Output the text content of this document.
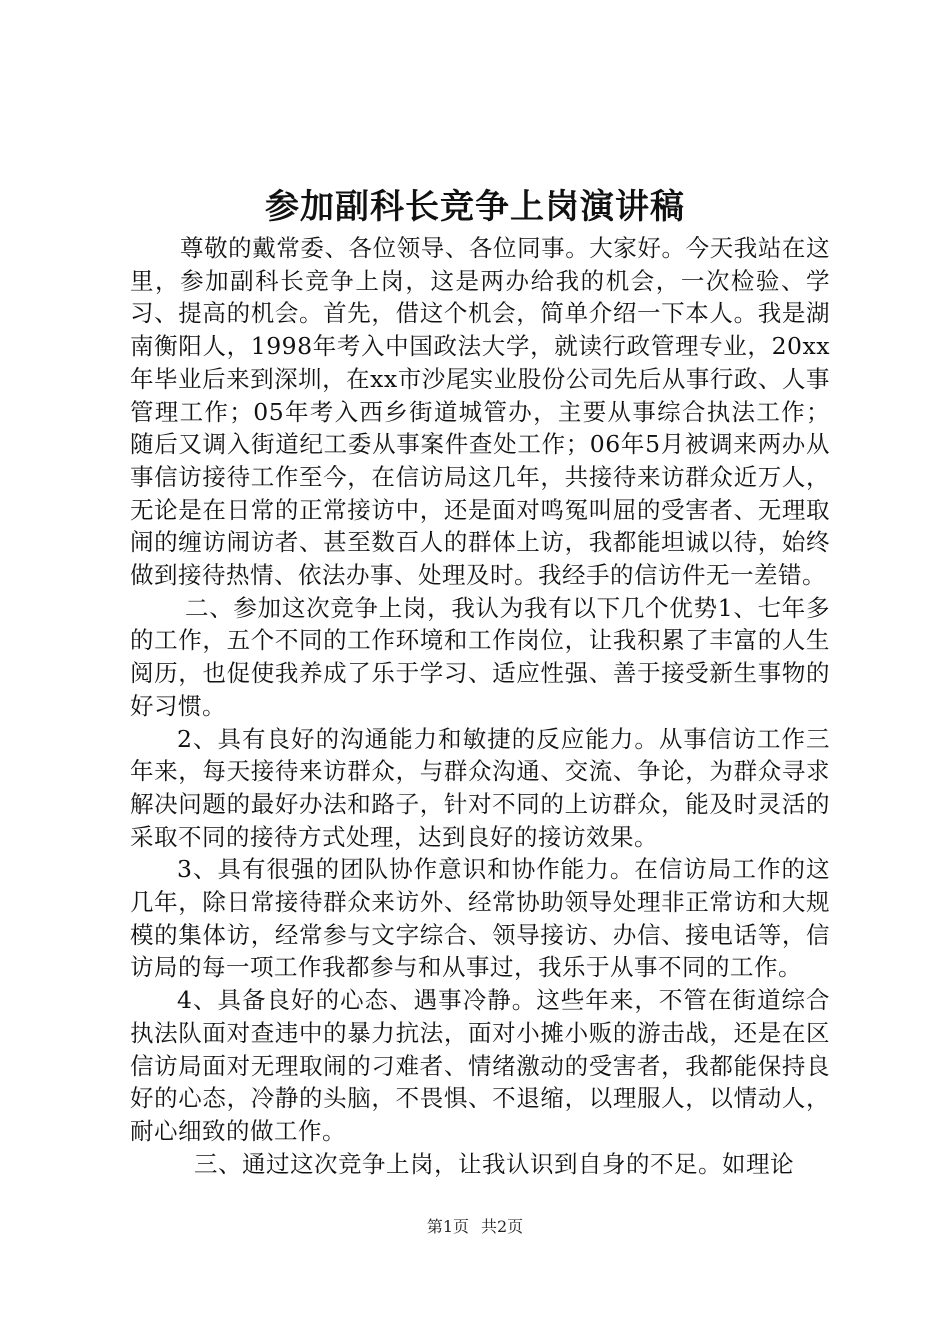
参加副科长竞争上岗演讲稿

尊敬的戴常委、各位领导、各位同事。大家好。今天我站在这里，参加副科长竞争上岗，这是两办给我的机会，一次检验、学习、提高的机会。首先，借这个机会，简单介绍一下本人。我是湖南衡阳人，1998年考入中国政法大学，就读行政管理专业，20xx年毕业后来到深圳，在xx市沙尾实业股份公司先后从事行政、人事管理工作；05年考入西乡街道城管办，主要从事综合执法工作；随后又调入街道纪工委从事案件查处工作；06年5月被调来两办从事信访接待工作至今，在信访局这几年，共接待来访群众近万人，无论是在日常的正常接访中，还是面对鸣冤叫屈的受害者、无理取闹的缠访闹访者、甚至数百人的群体上访，我都能坦诚以待，始终做到接待热情、依法办事、处理及时。我经手的信访件无一差错。

二、参加这次竞争上岗，我认为我有以下几个优势1、七年多的工作，五个不同的工作环境和工作岗位，让我积累了丰富的人生阅历，也促使我养成了乐于学习、适应性强、善于接受新生事物的好习惯。

2、具有良好的沟通能力和敏捷的反应能力。从事信访工作三年来，每天接待来访群众，与群众沟通、交流、争论，为群众寻求解决问题的最好办法和路子，针对不同的上访群众，能及时灵活的采取不同的接待方式处理，达到良好的接访效果。

3、具有很强的团队协作意识和协作能力。在信访局工作的这几年，除日常接待群众来访外、经常协助领导处理非正常访和大规模的集体访，经常参与文字综合、领导接访、办信、接电话等，信访局的每一项工作我都参与和从事过，我乐于从事不同的工作。

4、具备良好的心态、遇事冷静。这些年来，不管在街道综合执法队面对查违中的暴力抗法，面对小摊小贩的游击战，还是在区信访局面对无理取闹的刁难者、情绪激动的受害者，我都能保持良好的心态，冷静的头脑，不畏惧、不退缩，以理服人，以情动人，耐心细致的做工作。

三、通过这次竞争上岗，让我认识到自身的不足。如理论

第1页 共2页
